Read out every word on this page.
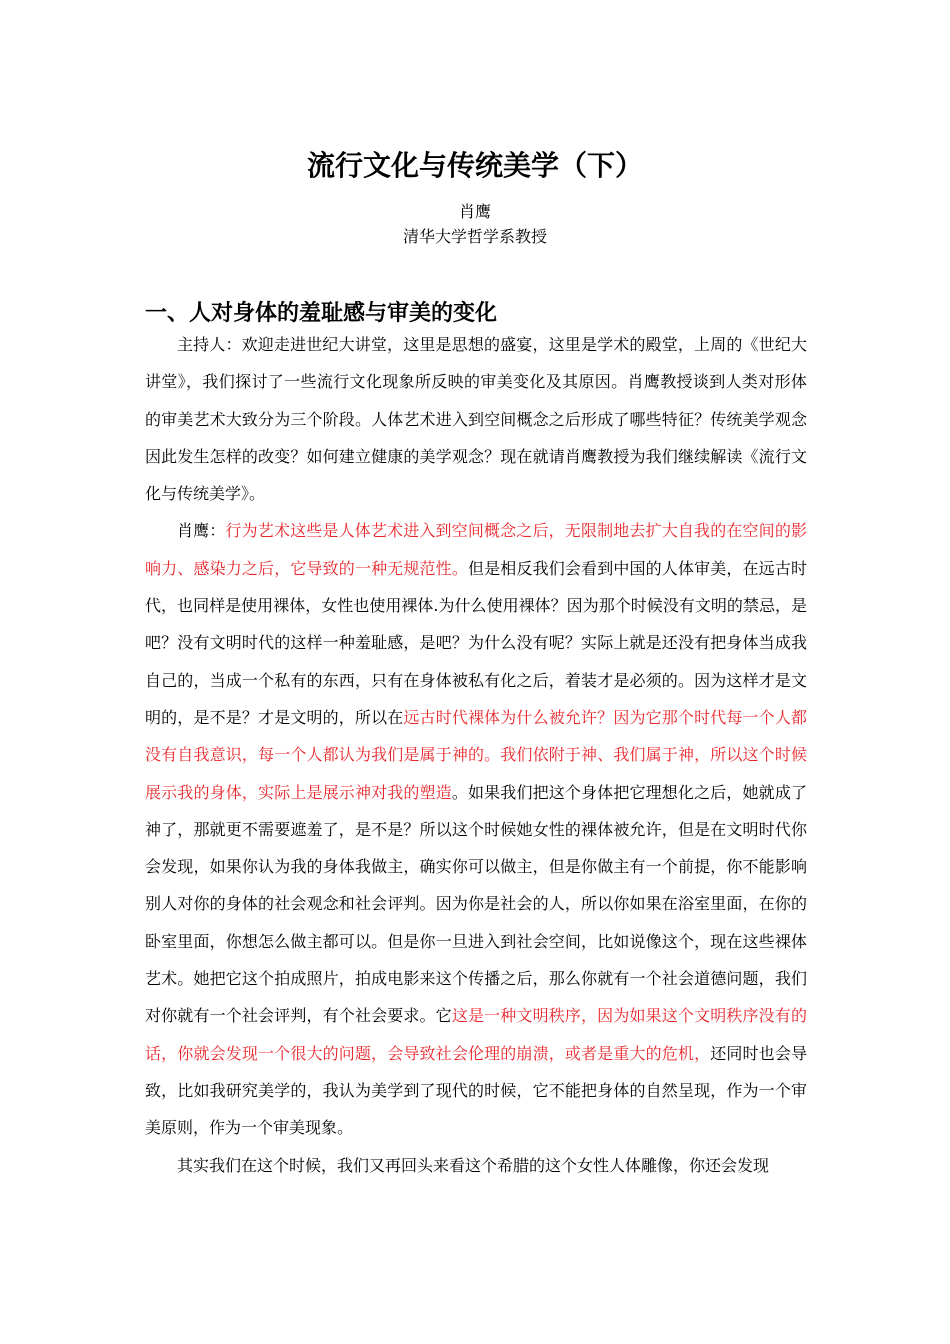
流行文化与传统美学（下）
肖鹰
清华大学哲学系教授
一、人对身体的羞耻感与审美的变化

主持人：欢迎走进世纪大讲堂，这里是思想的盛宴，这里是学术的殿堂，上周的《世纪大讲堂》，我们探讨了一些流行文化现象所反映的审美变化及其原因。肖鹰教授谈到人类对形体的审美艺术大致分为三个阶段。人体艺术进入到空间概念之后形成了哪些特征？传统美学观念因此发生怎样的改变？如何建立健康的美学观念？现在就请肖鹰教授为我们继续解读《流行文化与传统美学》。

肖鹰：行为艺术这些是人体艺术进入到空间概念之后，无限制地去扩大自我的在空间的影响力、感染力之后，它导致的一种无规范性。但是相反我们会看到中国的人体审美，在远古时代，也同样是使用裸体，女性也使用裸体.为什么使用裸体？因为那个时候没有文明的禁忌，是吧？没有文明时代的这样一种羞耻感，是吧？为什么没有呢？实际上就是还没有把身体当成我自己的，当成一个私有的东西，只有在身体被私有化之后，着装才是必须的。因为这样才是文明的，是不是？才是文明的，所以在远古时代裸体为什么被允许？因为它那个时代每一个人都没有自我意识，每一个人都认为我们是属于神的。我们依附于神、我们属于神，所以这个时候展示我的身体，实际上是展示神对我的塑造。如果我们把这个身体把它理想化之后，她就成了神了，那就更不需要遮羞了，是不是？所以这个时候她女性的裸体被允许，但是在文明时代你会发现，如果你认为我的身体我做主，确实你可以做主，但是你做主有一个前提，你不能影响别人对你的身体的社会观念和社会评判。因为你是社会的人，所以你如果在浴室里面，在你的卧室里面，你想怎么做主都可以。但是你一旦进入到社会空间，比如说像这个，现在这些裸体艺术。她把它这个拍成照片，拍成电影来这个传播之后，那么你就有一个社会道德问题，我们对你就有一个社会评判，有个社会要求。它这是一种文明秩序，因为如果这个文明秩序没有的话，你就会发现一个很大的问题，会导致社会伦理的崩溃，或者是重大的危机，还同时也会导致，比如我研究美学的，我认为美学到了现代的时候，它不能把身体的自然呈现，作为一个审美原则，作为一个审美现象。

其实我们在这个时候，我们又再回头来看这个希腊的这个女性人体雕像，你还会发现
